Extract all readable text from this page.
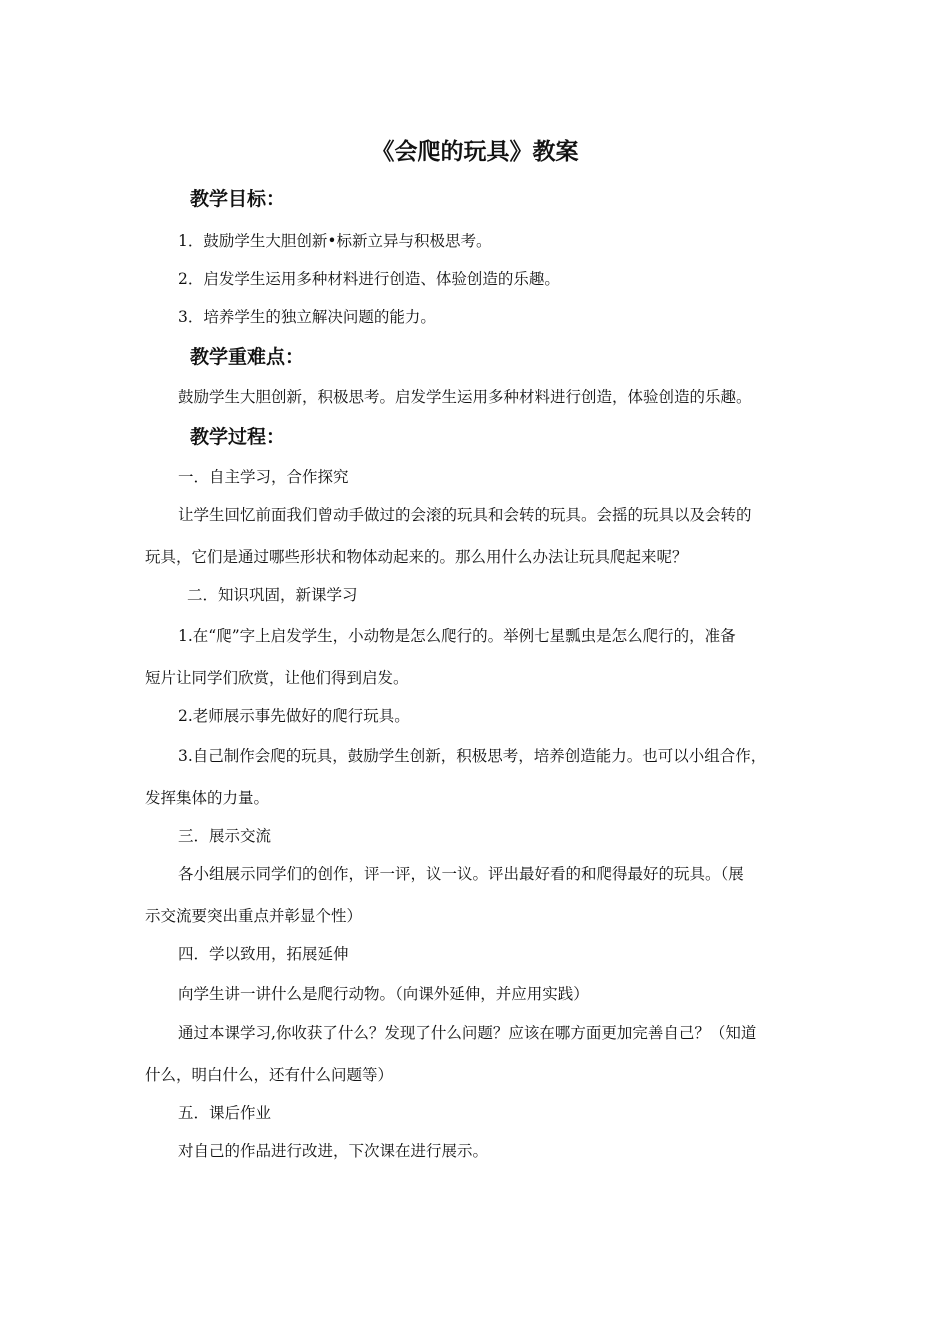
《会爬的玩具》教案
教学目标：
1．鼓励学生大胆创新•标新立异与积极思考。
2．启发学生运用多种材料进行创造、体验创造的乐趣。
3．培养学生的独立解决问题的能力。
教学重难点：
鼓励学生大胆创新，积极思考。启发学生运用多种材料进行创造，体验创造的乐趣。
教学过程：
一．自主学习，合作探究
让学生回忆前面我们曾动手做过的会滚的玩具和会转的玩具。会摇的玩具以及会转的
玩具，它们是通过哪些形状和物体动起来的。那么用什么办法让玩具爬起来呢？
二．知识巩固，新课学习
1.在“爬”字上启发学生，小动物是怎么爬行的。举例七星瓢虫是怎么爬行的，准备
短片让同学们欣赏，让他们得到启发。
2.老师展示事先做好的爬行玩具。
3.自己制作会爬的玩具，鼓励学生创新，积极思考，培养创造能力。也可以小组合作，
发挥集体的力量。
三．展示交流
各小组展示同学们的创作，评一评，议一议。评出最好看的和爬得最好的玩具。（展
示交流要突出重点并彰显个性）
四．学以致用，拓展延伸
向学生讲一讲什么是爬行动物。（向课外延伸，并应用实践）
通过本课学习,你收获了什么？发现了什么问题？应该在哪方面更加完善自己？（知道
什么，明白什么，还有什么问题等）
五．课后作业
对自己的作品进行改进，下次课在进行展示。
